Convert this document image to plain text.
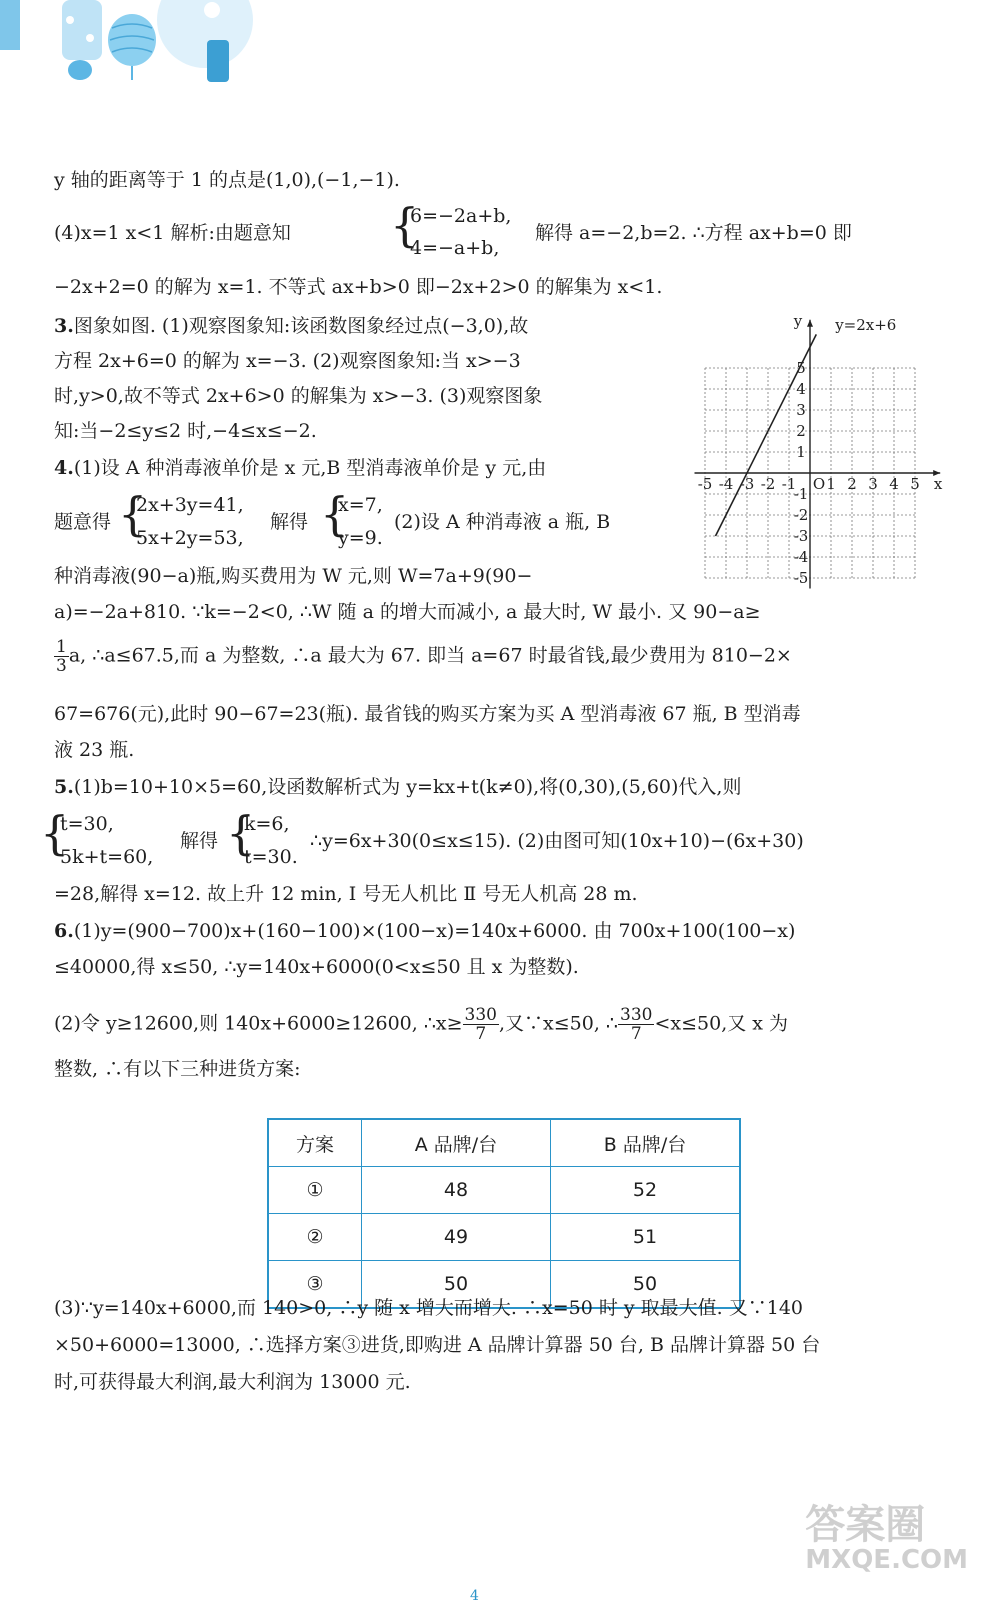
y 轴的距离等于 1 的点是(1,0),(−1,−1).
(4)x=1 x<1 解析:由题意知 {
6=−2a+b,
4=−a+b,
解得 a=−2,b=2. ∴方程 ax+b=0 即
−2x+2=0 的解为 x=1. 不等式 ax+b>0 即−2x+2>0 的解集为 x<1.
3.图象如图. (1)观察图象知:该函数图象经过点(−3,0),故
方程 2x+6=0 的解为 x=−3. (2)观察图象知:当 x>−3
时,y>0,故不等式 2x+6>0 的解集为 x>−3. (3)观察图象
知:当−2≤y≤2 时,−4≤x≤−2.
4.(1)设 A 种消毒液单价是 x 元,B 型消毒液单价是 y 元,由
题意得 {
2x+3y=41,
5x+2y=53,
解得 {
x=7,
y=9.
(2)设 A 种消毒液 a 瓶, B
种消毒液(90−a)瓶,购买费用为 W 元,则 W=7a+9(90−
a)=−2a+810. ∵k=−2<0, ∴W 随 a 的增大而减小, a 最大时, W 最小. 又 90−a≥
$\frac{1}{3} a$, ∴a≤67.5,而 a 为整数, ∴a 最大为 67. 即当 a=67 时最省钱,最少费用为 810−2×
67=676(元),此时 90−67=23(瓶). 最省钱的购买方案为买 A 型消毒液 67 瓶, B 型消毒
液 23 瓶.
5.(1)b=10+10×5=60,设函数解析式为 y=kx+t(k≠0),将(0,30),(5,60)代入,则
{
t=30,
5k+t=60,
解得 {
k=6,
t=30.
∴y=6x+30(0≤x≤15). (2)由图可知(10x+10)−(6x+30)
=28,解得 x=12. 故上升 12 min, Ⅰ 号无人机比 Ⅱ 号无人机高 28 m.
6.(1)y=(900−700)x+(160−100)×(100−x)=140x+6000. 由 700x+100(100−x)
≤40000,得 x≤50, ∴y=140x+6000(0<x≤50 且 x 为整数).
(2)令 y≥12600,则 140x+6000≥12600, ∴x≥ $\frac{330}{7}$ ,又∵x≤50, ∴ $\frac{330}{7} <x\le 50$,又 x 为
整数, ∴有以下三种进货方案:
方案	A 品牌/台	B 品牌/台
①	48	52
②	49	51
③	50	50
(3)∵y=140x+6000,而 140>0, ∴y 随 x 增大而增大. ∴x=50 时 y 取最大值. 又∵140
×50+6000=13000, ∴选择方案③进货,即购进 A 品牌计算器 50 台, B 品牌计算器 50 台
时,可获得最大利润,最大利润为 13000 元.
y=2x+6
y
x
O
-5 -4 -3 -2 -1 1 2 3 4 5
5
4
3
2
1
-1
-2
-3
-4
-5
答案圈
MXQE.COM
4
